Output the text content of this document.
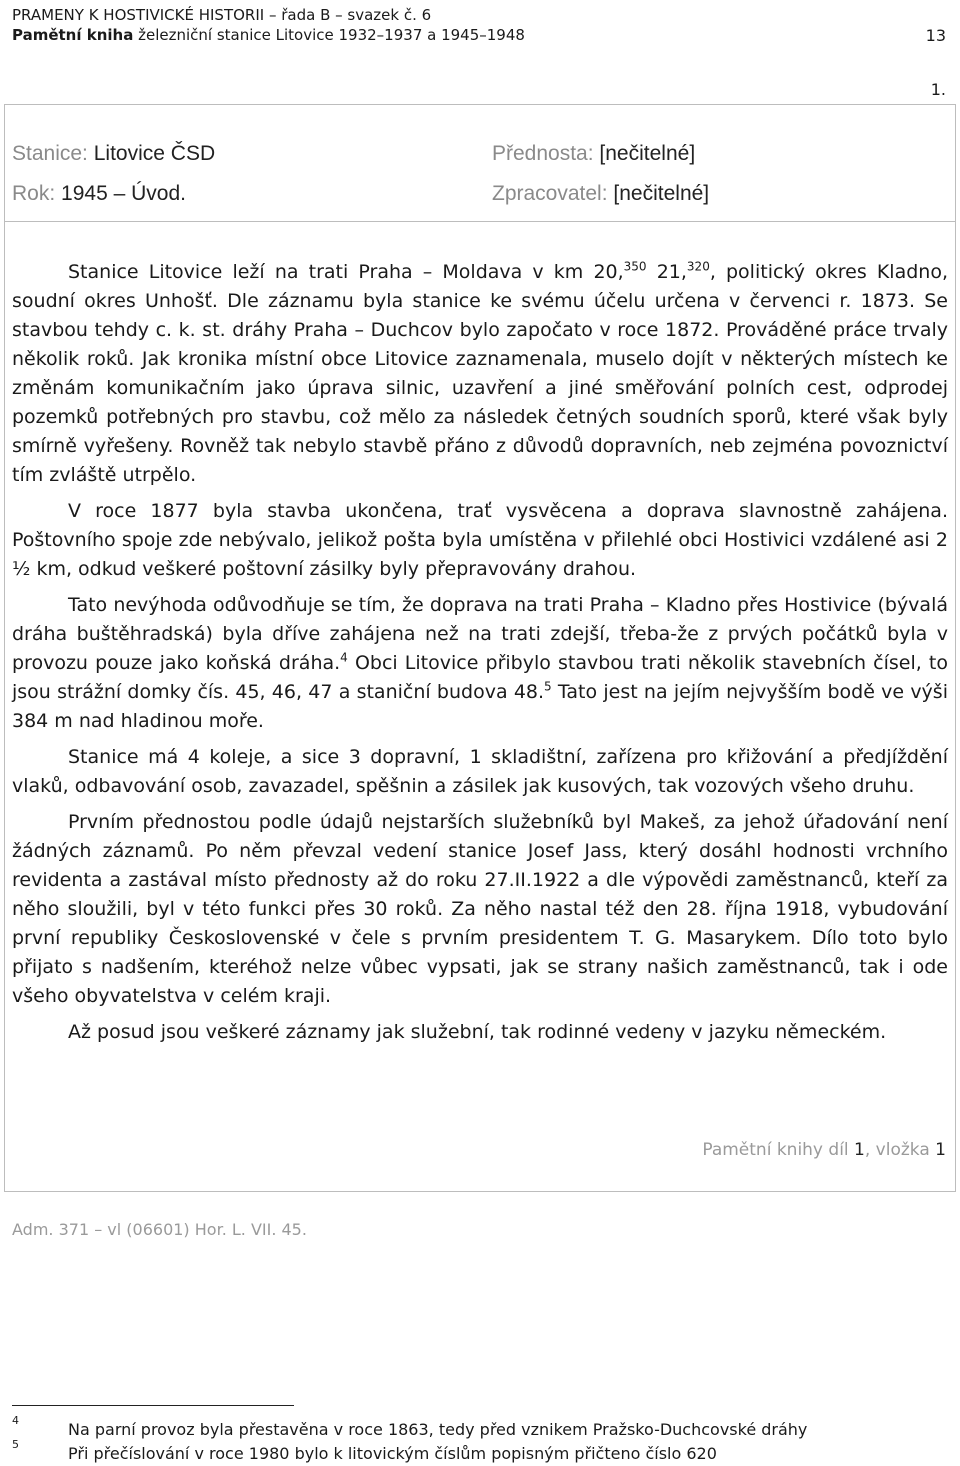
PRAMENY K HOSTIVICKÉ HISTORII – řada B – svazek č. 6
Pamětní kniha železniční stanice Litovice 1932–1937 a 1945–1948	13
1.
Stanice: Litovice ČSD
Rok: 1945 – Úvod.
Přednosta: [nečitelné]
Zpracovatel: [nečitelné]

Stanice Litovice leží na trati Praha – Moldava v km 20,$^{350}$ 21,$^{320}$, politický okres Kladno, soudní okres Unhošť. Dle záznamu byla stanice ke svému účelu určena v červenci r. 1873. Se stavbou tehdy c. k. st. dráhy Praha – Duchcov bylo započato v roce 1872. Prováděné práce trvaly několik roků. Jak kronika místní obce Litovice zaznamenala, muselo dojít v některých místech ke změnám komunikačním jako úprava silnic, uzavření a jiné směřování polních cest, odprodej pozemků potřebných pro stavbu, což mělo za následek četných soudních sporů, které však byly smírně vyřešeny. Rovněž tak nebylo stavbě přáno z důvodů dopravních, neb zejména povoznictví tím zvláště utrpělo.

V roce 1877 byla stavba ukončena, trať vysvěcena a doprava slavnostně zahájena. Poštovního spoje zde nebývalo, jelikož pošta byla umístěna v přilehlé obci Hostivici vzdálené asi 2 ½ km, odkud veškeré poštovní zásilky byly přepravovány drahou.

Tato nevýhoda odůvodňuje se tím, že doprava na trati Praha – Kladno přes Hostivice (bývalá dráha buštěhradská) byla dříve zahájena než na trati zdejší, třeba-že z prvých počátků byla v provozu pouze jako koňská dráha.$^4$ Obci Litovice přibylo stavbou trati několik stavebních čísel, to jsou strážní domky čís. 45, 46, 47 a staniční budova 48.$^5$ Tato jest na jejím nejvyšším bodě ve výši 384 m nad hladinou moře.

Stanice má 4 koleje, a sice 3 dopravní, 1 skladištní, zařízena pro křižování a předjíždění vlaků, odbavování osob, zavazadel, spěšnin a zásilek jak kusových, tak vozových všeho druhu.

Prvním přednostou podle údajů nejstarších služebníků byl Makeš, za jehož úřadování není žádných záznamů. Po něm převzal vedení stanice Josef Jass, který dosáhl hodnosti vrchního revidenta a zastával místo přednosty až do roku 27.II.1922 a dle výpovědi zaměstnanců, kteří za něho sloužili, byl v této funkci přes 30 roků. Za něho nastal též den 28. října 1918, vybudování první republiky Československé v čele s prvním presidentem T. G. Masarykem. Dílo toto bylo přijato s nadšením, kteréhož nelze vůbec vypsati, jak se strany našich zaměstnanců, tak i ode všeho obyvatelstva v celém kraji.

Až posud jsou veškeré záznamy jak služební, tak rodinné vedeny v jazyku německém.

Pamětní knihy díl 1, vložka 1
Adm. 371 – vl (06601) Hor. L. VII. 45.
4	Na parní provoz byla přestavěna v roce 1863, tedy před vznikem Pražsko-Duchcovské dráhy
5	Při přečíslování v roce 1980 bylo k litovickým číslům popisným přičteno číslo 620
